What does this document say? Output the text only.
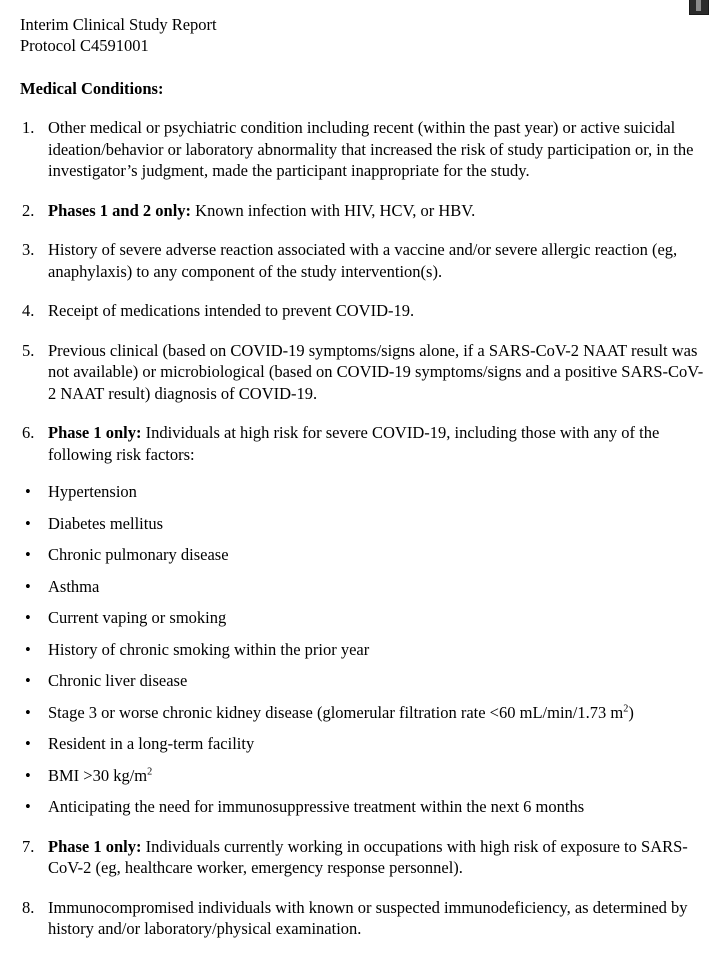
Interim Clinical Study Report
Protocol C4591001
Medical Conditions:
1. Other medical or psychiatric condition including recent (within the past year) or active suicidal ideation/behavior or laboratory abnormality that increased the risk of study participation or, in the investigator’s judgment, made the participant inappropriate for the study.
2. Phases 1 and 2 only: Known infection with HIV, HCV, or HBV.
3. History of severe adverse reaction associated with a vaccine and/or severe allergic reaction (eg, anaphylaxis) to any component of the study intervention(s).
4. Receipt of medications intended to prevent COVID-19.
5. Previous clinical (based on COVID-19 symptoms/signs alone, if a SARS-CoV-2 NAAT result was not available) or microbiological (based on COVID-19 symptoms/signs and a positive SARS-CoV-2 NAAT result) diagnosis of COVID-19.
6. Phase 1 only: Individuals at high risk for severe COVID-19, including those with any of the following risk factors:
• Hypertension
• Diabetes mellitus
• Chronic pulmonary disease
• Asthma
• Current vaping or smoking
• History of chronic smoking within the prior year
• Chronic liver disease
• Stage 3 or worse chronic kidney disease (glomerular filtration rate <60 mL/min/1.73 $m^2$)
• Resident in a long-term facility
• BMI >30 $kg/m^2$
• Anticipating the need for immunosuppressive treatment within the next 6 months
7. Phase 1 only: Individuals currently working in occupations with high risk of exposure to SARS-CoV-2 (eg, healthcare worker, emergency response personnel).
8. Immunocompromised individuals with known or suspected immunodeficiency, as determined by history and/or laboratory/physical examination.
